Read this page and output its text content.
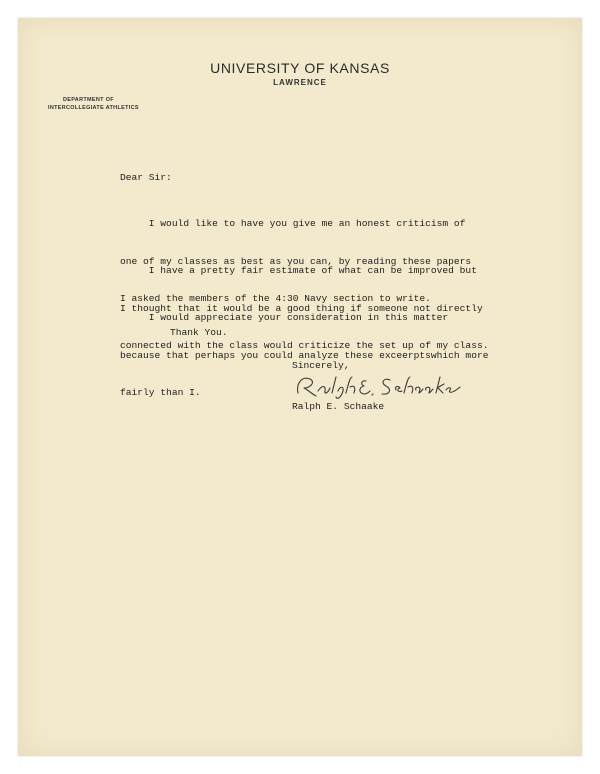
UNIVERSITY OF KANSAS
LAWRENCE
DEPARTMENT OF
INTERCOLLEGIATE ATHLETICS
Dear Sir:

I would like to have you give me an honest criticism of

one of my classes as best as you can, by reading these papers

I asked the members of the 4:30 Navy section to write.

I have a pretty fair estimate of what can be improved but

I thought that it would be a good thing if someone not directly

connected with the class would criticize the set up of my class.

I would appreciate your consideration in this matter

because that perhaps you could analyze these exceerptswhich more

fairly than I.

Thank You.
Sincerely,
Ralph E. Schaake
